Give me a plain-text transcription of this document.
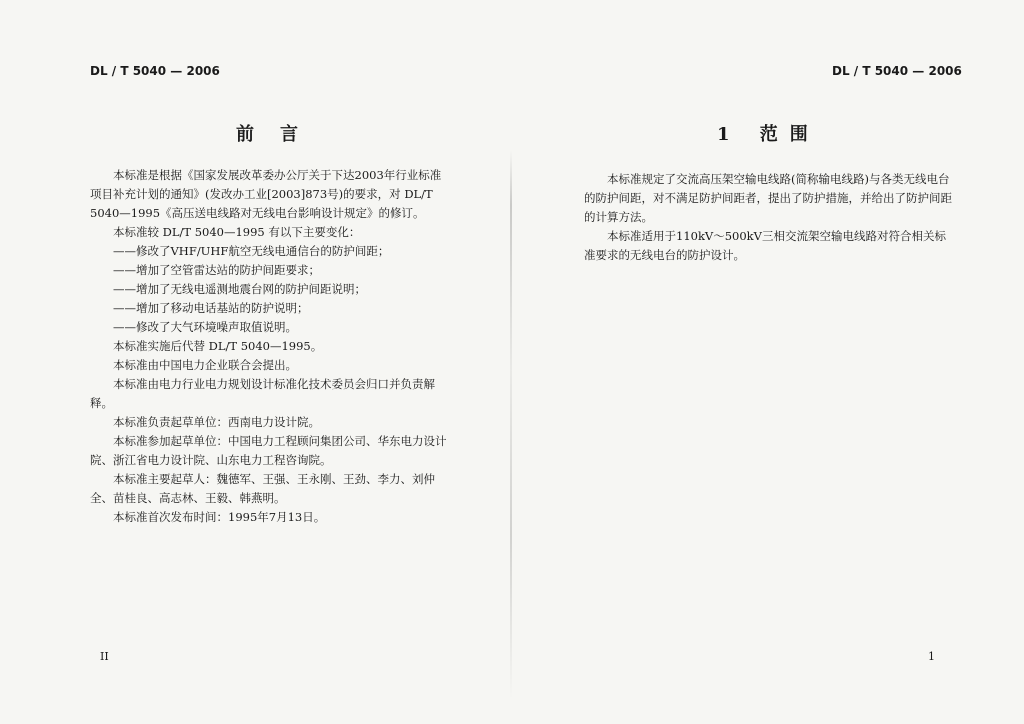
DL / T 5040 — 2006
前言

本标准是根据《国家发展改革委办公厅关于下达2003年行业标准项目补充计划的通知》(发改办工业[2003]873号)的要求，对 DL/T 5040—1995《高压送电线路对无线电台影响设计规定》的修订。

本标准较 DL/T 5040—1995 有以下主要变化：

——修改了VHF/UHF航空无线电通信台的防护间距；

——增加了空管雷达站的防护间距要求；

——增加了无线电遥测地震台网的防护间距说明；

——增加了移动电话基站的防护说明；

——修改了大气环境噪声取值说明。

本标准实施后代替 DL/T 5040—1995。

本标准由中国电力企业联合会提出。

本标准由电力行业电力规划设计标准化技术委员会归口并负责解释。

本标准负责起草单位：西南电力设计院。

本标准参加起草单位：中国电力工程顾问集团公司、华东电力设计院、浙江省电力设计院、山东电力工程咨询院。

本标准主要起草人：魏德军、王强、王永刚、王劲、李力、刘仲全、苗桂良、高志林、王毅、韩燕明。

本标准首次发布时间：1995年7月13日。

II
DL / T 5040 — 2006
1 范围

本标准规定了交流高压架空输电线路(简称输电线路)与各类无线电台的防护间距，对不满足防护间距者，提出了防护措施，并给出了防护间距的计算方法。

本标准适用于110kV～500kV三相交流架空输电线路对符合相关标准要求的无线电台的防护设计。

1
